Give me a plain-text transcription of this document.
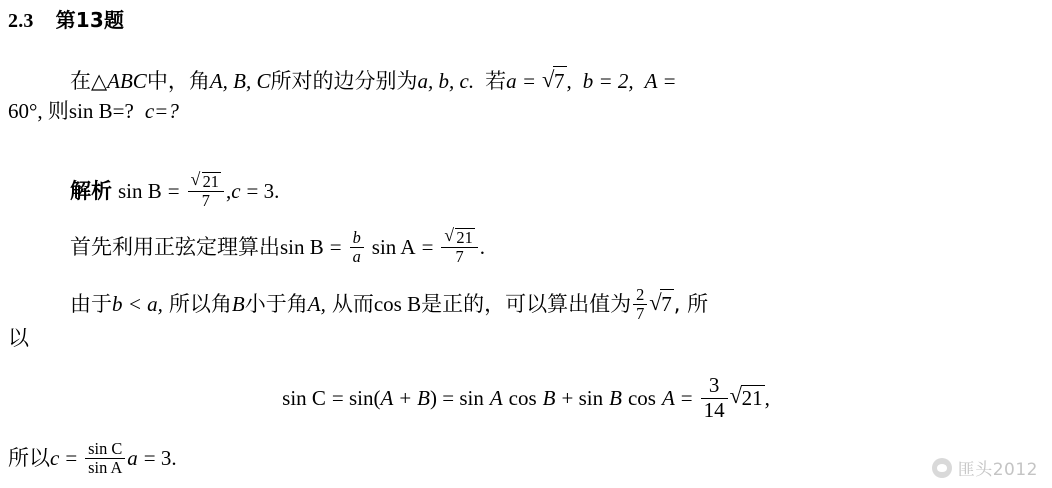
2.3 第13题
在△ABC中，角A, B, C所对的边分别为a, b, c. 若a = √ 7, b = 2, A =
60°, 则sin B=? c=?
解析 $\sin B = \frac{√ 21}{7} ,c = 3$.
首先利用正弦定理算出$\sin B = \frac{b}{a}$ $\sin A = \frac{√ 21}{7}$ .
由于b < a, 所以角B小于角A, 从而cos B是正的，可以算出值为 $\frac{2}{7}$ √ 7, 所
以
sin C = sin(A + B) = sin A cos B + sin B $\cos A = \frac{3}{14}$ √ 21,
所以$c = \frac{\text{sin C}}{\text{sin A}}$ a = 3.
匪头2012
